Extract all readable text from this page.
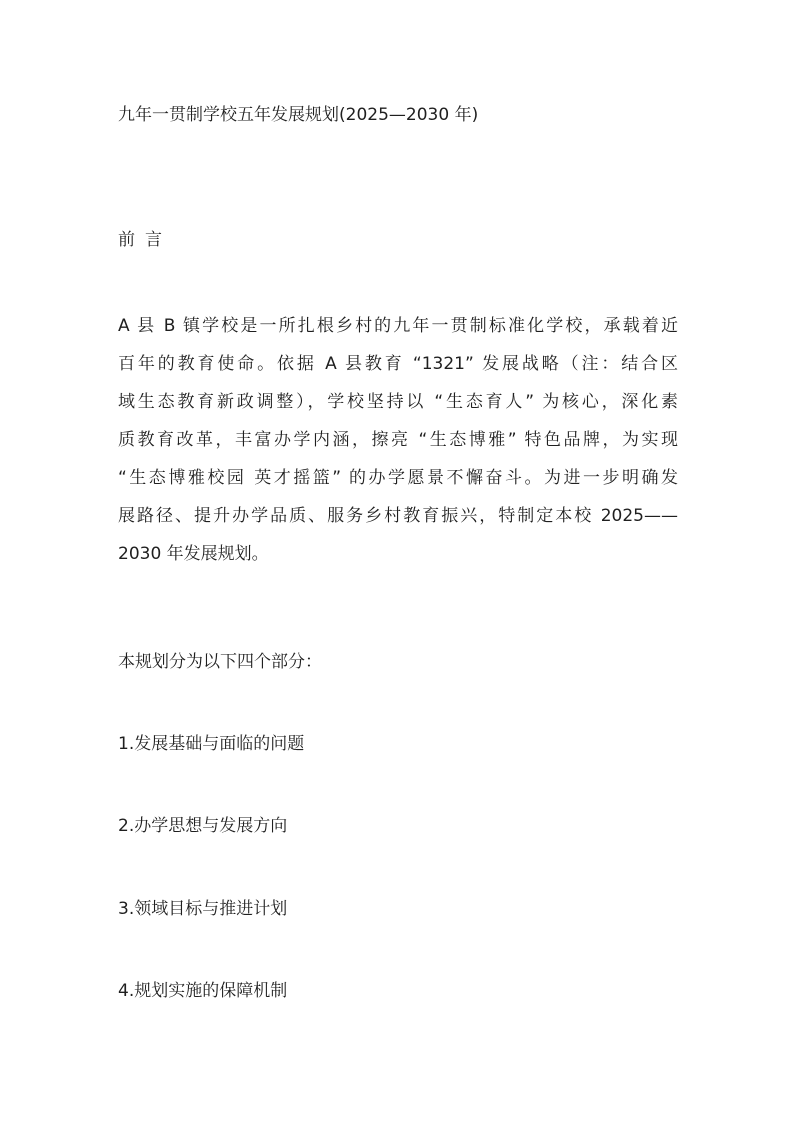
九年一贯制学校五年发展规划(2025—2030 年)
前言
A 县 B 镇学校是一所扎根乡村的九年一贯制标准化学校，承载着近
百年的教育使命。依据 A 县教育 “1321” 发展战略（注：结合区
域生态教育新政调整），学校坚持以 “生态育人” 为核心，深化素
质教育改革，丰富办学内涵，擦亮 “生态博雅” 特色品牌，为实现
“生态博雅校园 英才摇篮” 的办学愿景不懈奋斗。为进一步明确发
展路径、提升办学品质、服务乡村教育振兴，特制定本校 2025——
2030 年发展规划。
本规划分为以下四个部分：
1.发展基础与面临的问题
2.办学思想与发展方向
3.领域目标与推进计划
4.规划实施的保障机制
